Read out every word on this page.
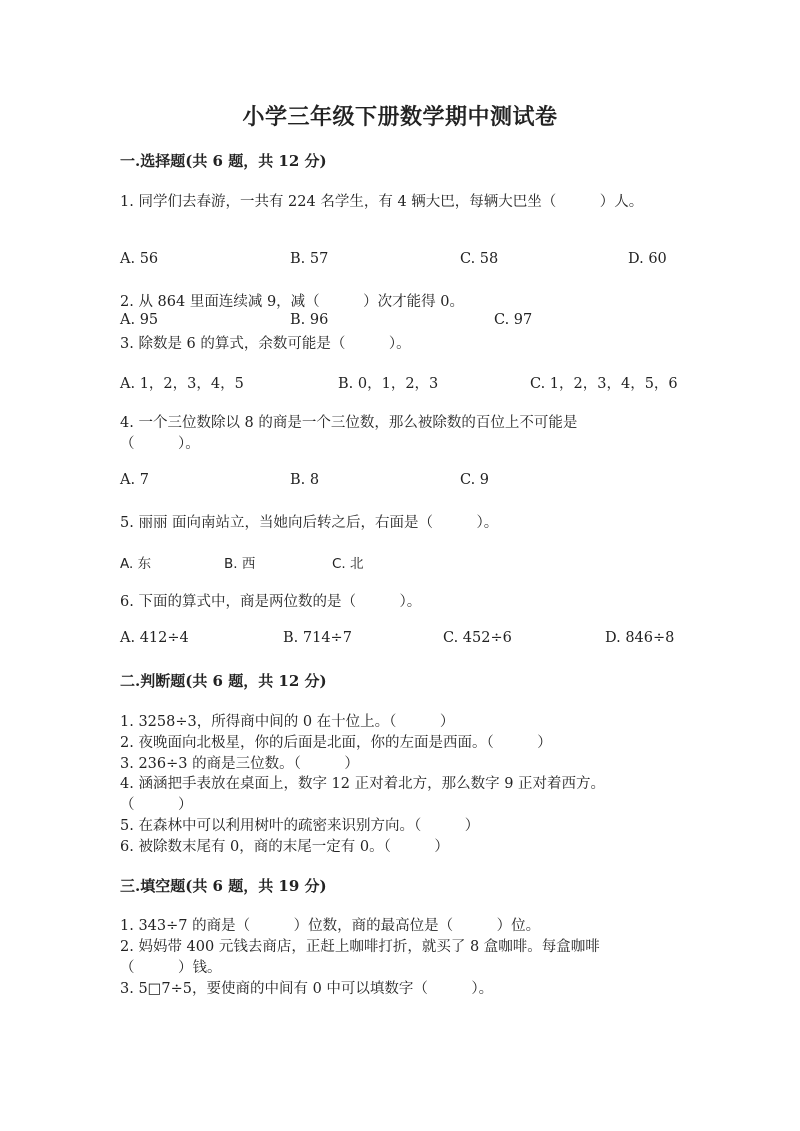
小学三年级下册数学期中测试卷
一.选择题(共 6 题，共 12 分)
1. 同学们去春游，一共有 224 名学生，有 4 辆大巴，每辆大巴坐（　　　）人。
A. 56	B. 57	C. 58	D. 60
2. 从 864 里面连续减 9，减（　　　）次才能得 0。
A. 95	B. 96	C. 97
3. 除数是 6 的算式，余数可能是（　　　）。
A. 1，2，3，4，5	B. 0，1，2，3	C. 1，2，3，4，5，6
4. 一个三位数除以 8 的商是一个三位数，那么被除数的百位上不可能是
（　　　）。
A. 7	B. 8	C. 9
5. 丽丽 面向南站立，当她向后转之后，右面是（　　　）。
A. 东	B. 西	C. 北
6. 下面的算式中，商是两位数的是（　　　）。
A. 412÷4	B. 714÷7	C. 452÷6	D. 846÷8
二.判断题(共 6 题，共 12 分)
1. 3258÷3，所得商中间的 0 在十位上。（　　　）
2. 夜晚面向北极星，你的后面是北面，你的左面是西面。（　　　）
3. 236÷3 的商是三位数。（　　　）
4. 涵涵把手表放在桌面上，数字 12 正对着北方，那么数字 9 正对着西方。
（　　　）
5. 在森林中可以利用树叶的疏密来识别方向。（　　　）
6. 被除数末尾有 0，商的末尾一定有 0。（　　　）
三.填空题(共 6 题，共 19 分)
1. 343÷7 的商是（　　　）位数，商的最高位是（　　　）位。
2. 妈妈带 400 元钱去商店，正赶上咖啡打折，就买了 8 盒咖啡。每盒咖啡
（　　　）钱。
3. 5□7÷5，要使商的中间有 0 中可以填数字（　　　）。
